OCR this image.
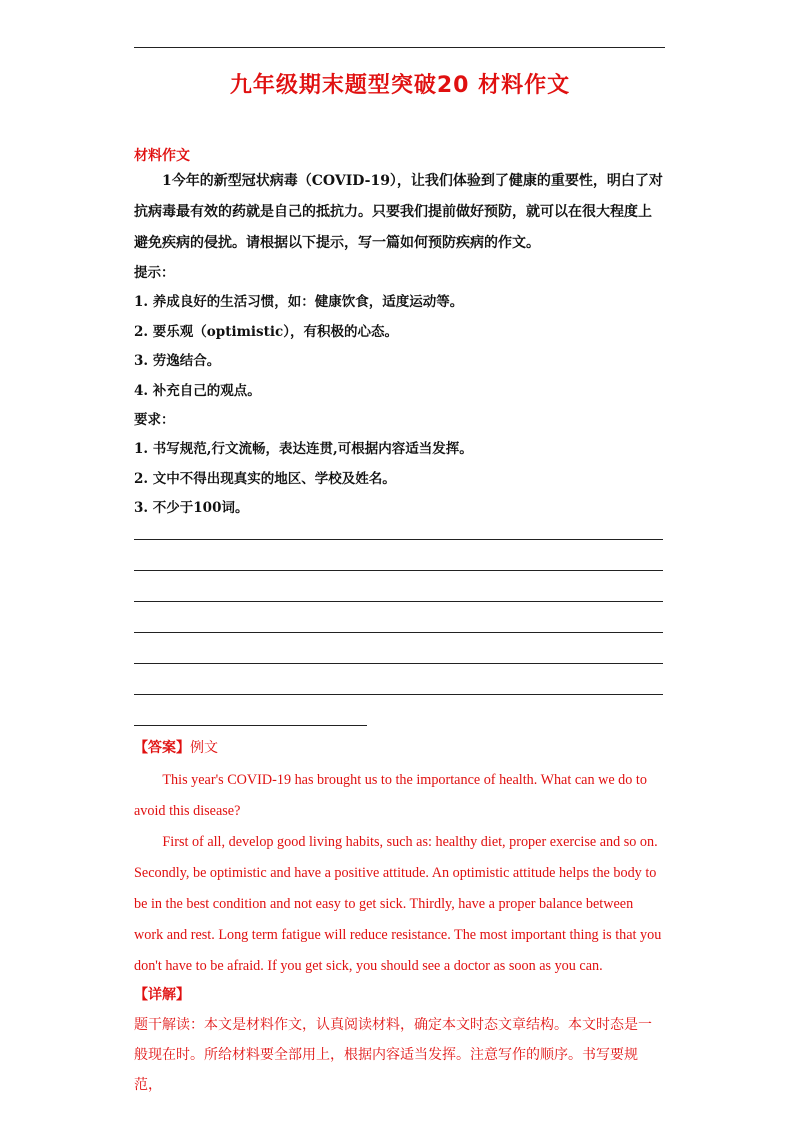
九年级期末题型突破20 材料作文
材料作文

1今年的新型冠状病毒（COVID-19），让我们体验到了健康的重要性，明白了对抗病毒最有效的药就是自己的抵抗力。只要我们提前做好预防，就可以在很大程度上避免疾病的侵扰。请根据以下提示，写一篇如何预防疾病的作文。

提示：

1. 养成良好的生活习惯，如：健康饮食，适度运动等。

2. 要乐观（optimistic），有积极的心态。

3. 劳逸结合。

4. 补充自己的观点。

要求：

1. 书写规范,行文流畅，表达连贯,可根据内容适当发挥。

2. 文中不得出现真实的地区、学校及姓名。

3. 不少于100词。

【答案】例文

This year's COVID-19 has brought us to the importance of health. What can we do to avoid this disease?

First of all, develop good living habits, such as: healthy diet, proper exercise and so on. Secondly, be optimistic and have a positive attitude. An optimistic attitude helps the body to be in the best condition and not easy to get sick. Thirdly, have a proper balance between work and rest. Long term fatigue will reduce resistance. The most important thing is that you don't have to be afraid. If you get sick, you should see a doctor as soon as you can.

【详解】

题干解读：本文是材料作文，认真阅读材料，确定本文时态文章结构。本文时态是一般现在时。所给材料要全部用上，根据内容适当发挥。注意写作的顺序。书写要规范，
